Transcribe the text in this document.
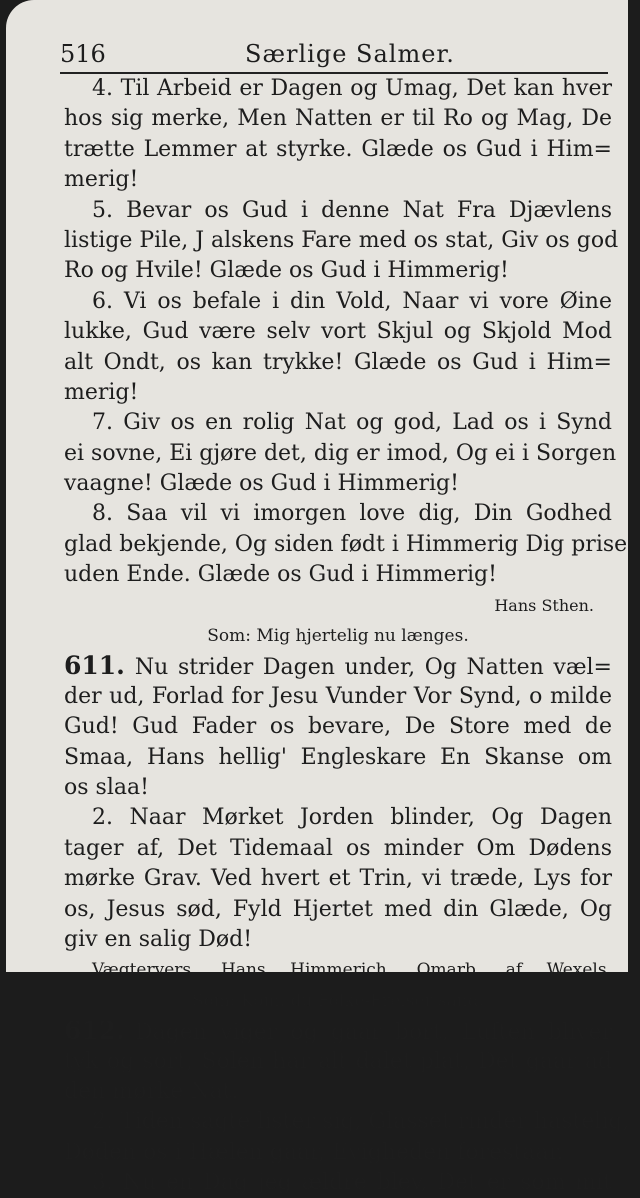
516	Særlige Salmer.
4. Til Arbeid er Dagen og Umag, Det kan hver
hos sig merke, Men Natten er til Ro og Mag, De
trætte Lemmer at styrke. Glæde os Gud i Him=
merig!
5. Bevar os Gud i denne Nat Fra Djævlens
listige Pile, J alskens Fare med os stat, Giv os god
Ro og Hvile! Glæde os Gud i Himmerig!
6. Vi os befale i din Vold, Naar vi vore Øine
lukke, Gud være selv vort Skjul og Skjold Mod
alt Ondt, os kan trykke! Glæde os Gud i Him=
merig!
7. Giv os en rolig Nat og god, Lad os i Synd
ei sovne, Ei gjøre det, dig er imod, Og ei i Sorgen
vaagne! Glæde os Gud i Himmerig!
8. Saa vil vi imorgen love dig, Din Godhed
glad bekjende, Og siden født i Himmerig Dig prise
uden Ende. Glæde os Gud i Himmerig!
Hans Sthen.
Som: Mig hjertelig nu længes.
611. Nu strider Dagen under, Og Natten væl=
der ud, Forlad for Jesu Vunder Vor Synd, o milde
Gud! Gud Fader os bevare, De Store med de
Smaa, Hans hellig' Engleskare En Skanse om
os slaa!
2. Naar Mørket Jorden blinder, Og Dagen
tager af, Det Tidemaal os minder Om Dødens
mørke Grav. Ved hvert et Trin, vi træde, Lys for
os, Jesus sød, Fyld Hjertet med din Glæde, Og
giv en salig Død!
Vægtervers. Hans Himmerich. Omarb. af Wexels.
Som: Kom, du Folke-Frelser sand.
612. Dagen viger og gaar bort, Luften bliver
tyk og sort, Solen har alt dalet plat, Det gaar ad
den mørke Nat.
2. Tiden sagte lister sig, Glasset rinder hastelig,
Døden os i Hælen gaar, Evigheden forestaar.
3. Nu en Dag jeg ældre blev, Det er som mit
